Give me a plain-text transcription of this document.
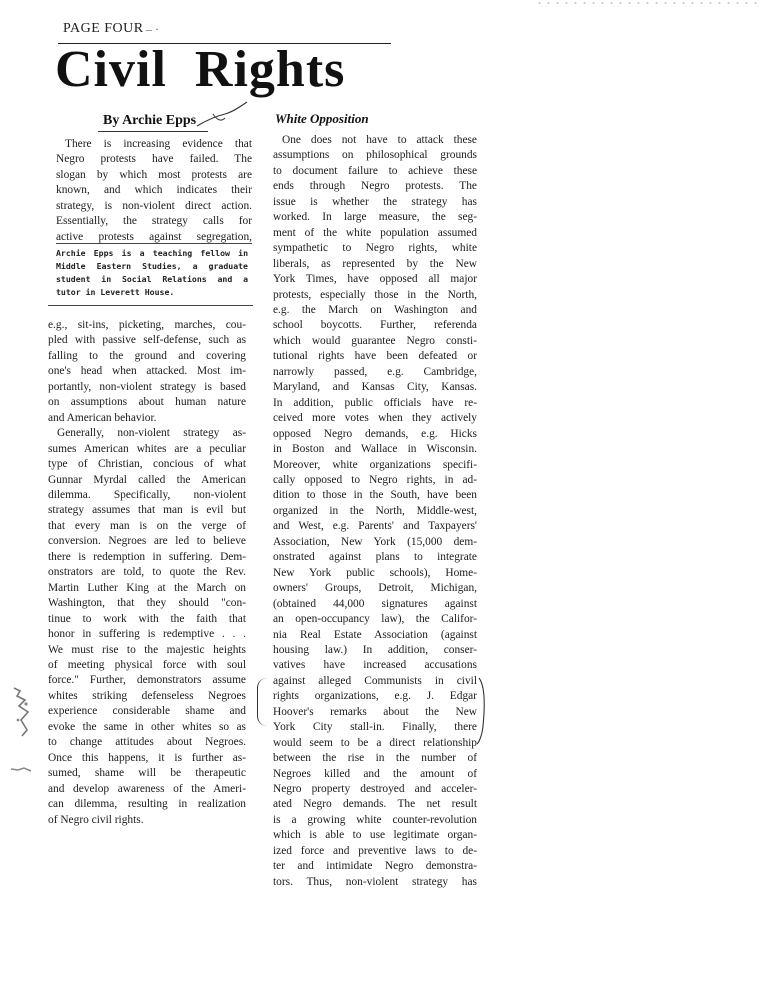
PAGE FOUR – ·
Civil  Rights
By Archie Epps
There is increasing evidence that
Negro protests have failed. The
slogan by which most protests are
known, and which indicates their
strategy, is non-violent direct action.
Essentially, the strategy calls for
active protests against segregation,
Archie Epps is a teaching fellow in
Middle Eastern Studies, a graduate
student in Social Relations and a
tutor in Leverett House.
e.g., sit-ins, picketing, marches, cou-
pled with passive self-defense, such as
falling to the ground and covering
one's head when attacked. Most im-
portantly, non-violent strategy is based
on assumptions about human nature
and American behavior.
Generally, non-violent strategy as-
sumes American whites are a peculiar
type of Christian, concious of what
Gunnar Myrdal called the American
dilemma. Specifically, non-violent
strategy assumes that man is evil but
that every man is on the verge of
conversion. Negroes are led to believe
there is redemption in suffering. Dem-
onstrators are told, to quote the Rev.
Martin Luther King at the March on
Washington, that they should "con-
tinue to work with the faith that
honor in suffering is redemptive . . .
We must rise to the majestic heights
of meeting physical force with soul
force." Further, demonstrators assume
whites striking defenseless Negroes
experience considerable shame and
evoke the same in other whites so as
to change attitudes about Negroes.
Once this happens, it is further as-
sumed, shame will be therapeutic
and develop awareness of the Ameri-
can dilemma, resulting in realization
of Negro civil rights.
White Opposition
One does not have to attack these
assumptions on philosophical grounds
to document failure to achieve these
ends through Negro protests. The
issue is whether the strategy has
worked. In large measure, the seg-
ment of the white population assumed
sympathetic to Negro rights, white
liberals, as represented by the New
York Times, have opposed all major
protests, especially those in the North,
e.g. the March on Washington and
school boycotts. Further, referenda
which would guarantee Negro consti-
tutional rights have been defeated or
narrowly passed, e.g. Cambridge,
Maryland, and Kansas City, Kansas.
In addition, public officials have re-
ceived more votes when they actively
opposed Negro demands, e.g. Hicks
in Boston and Wallace in Wisconsin.
Moreover, white organizations specifi-
cally opposed to Negro rights, in ad-
dition to those in the South, have been
organized in the North, Middle-west,
and West, e.g. Parents' and Taxpayers'
Association, New York (15,000 dem-
onstrated against plans to integrate
New York public schools), Home-
owners' Groups, Detroit, Michigan,
(obtained 44,000 signatures against
an open-occupancy law), the Califor-
nia Real Estate Association (against
housing law.) In addition, conser-
vatives have increased accusations
against alleged Communists in civil
rights organizations, e.g. J. Edgar
Hoover's remarks about the New
York City stall-in. Finally, there
would seem to be a direct relationship
between the rise in the number of
Negroes killed and the amount of
Negro property destroyed and acceler-
ated Negro demands. The net result
is a growing white counter-revolution
which is able to use legitimate organ-
ized force and preventive laws to de-
ter and intimidate Negro demonstra-
tors. Thus, non-violent strategy has
